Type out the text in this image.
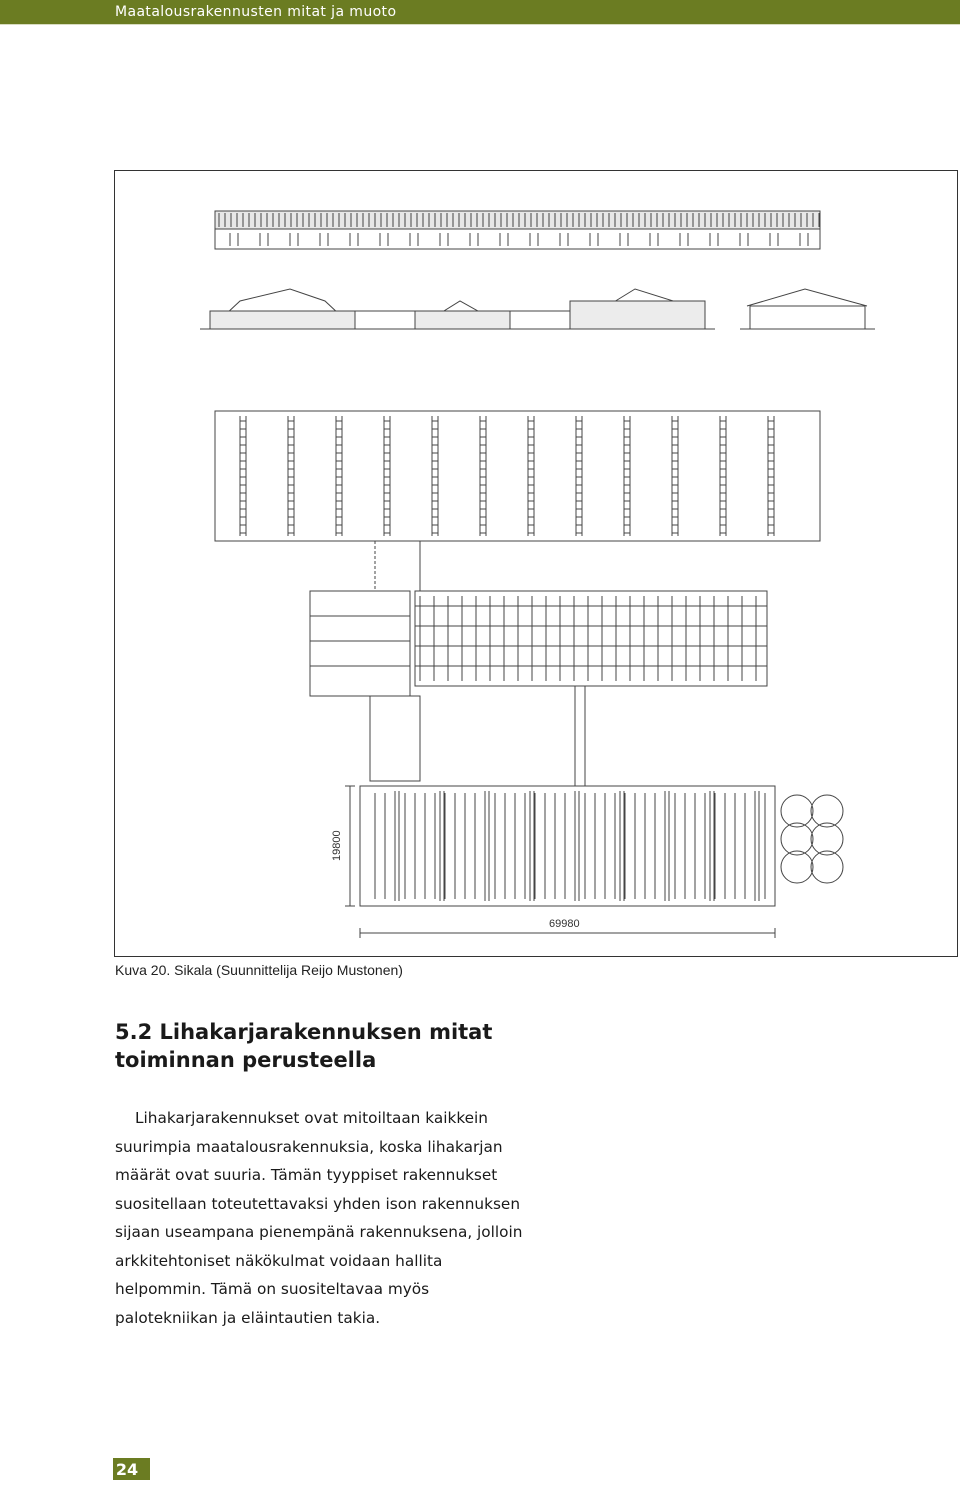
Maatalousrakennusten mitat ja muoto
19800
69980
Kuva 20. Sikala (Suunnittelija Reijo Mustonen)
5.2 Lihakarjarakennuksen mitat toiminnan perusteella

Lihakarjarakennukset ovat mitoiltaan kaikkein suurimpia maatalousrakennuksia, koska lihakarjan määrät ovat suuria. Tämän tyyppiset rakennukset suositellaan toteutettavaksi yhden ison rakennuksen sijaan useampana pienempänä rakennuksena, jolloin arkkitehtoniset näkökulmat voidaan hallita helpommin. Tämä on suositeltavaa myös palotekniikan ja eläintautien takia.

24
